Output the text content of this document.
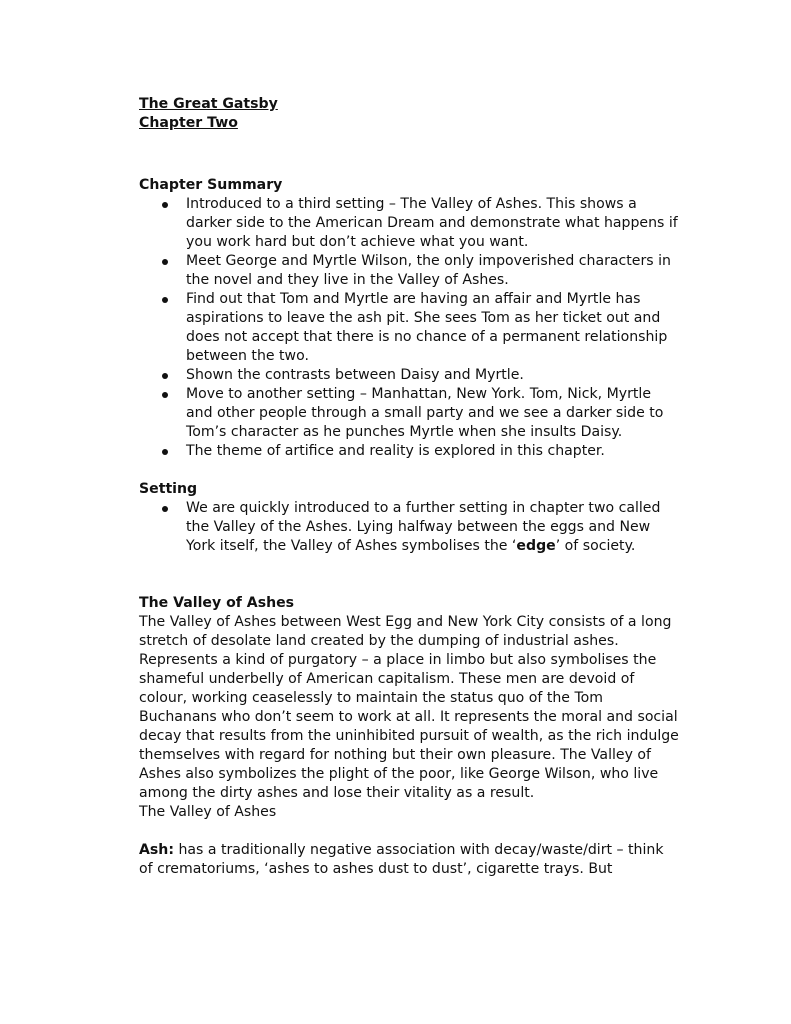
The Great Gatsby

Chapter Two

Chapter Summary

Introduced to a third setting – The Valley of Ashes. This shows a darker side to the American Dream and demonstrate what happens if you work hard but don’t achieve what you want.
Meet George and Myrtle Wilson, the only impoverished characters in the novel and they live in the Valley of Ashes.
Find out that Tom and Myrtle are having an affair and Myrtle has aspirations to leave the ash pit. She sees Tom as her ticket out and does not accept that there is no chance of a permanent relationship between the two.
Shown the contrasts between Daisy and Myrtle.
Move to another setting – Manhattan, New York. Tom, Nick, Myrtle and other people through a small party and we see a darker side to Tom’s character as he punches Myrtle when she insults Daisy.
The theme of artifice and reality is explored in this chapter.

Setting

We are quickly introduced to a further setting in chapter two called the Valley of the Ashes. Lying halfway between the eggs and New York itself, the Valley of Ashes symbolises the ‘edge’ of society.

The Valley of Ashes

The Valley of Ashes between West Egg and New York City consists of a long stretch of desolate land created by the dumping of industrial ashes. Represents a kind of purgatory – a place in limbo but also symbolises the shameful underbelly of American capitalism. These men are devoid of colour, working ceaselessly to maintain the status quo of the Tom Buchanans who don’t seem to work at all. It represents the moral and social decay that results from the uninhibited pursuit of wealth, as the rich indulge themselves with regard for nothing but their own pleasure. The Valley of Ashes also symbolizes the plight of the poor, like George Wilson, who live among the dirty ashes and lose their vitality as a result.

The Valley of Ashes

Ash: has a traditionally negative association with decay/waste/dirt – think of crematoriums, ‘ashes to ashes dust to dust’, cigarette trays. But
